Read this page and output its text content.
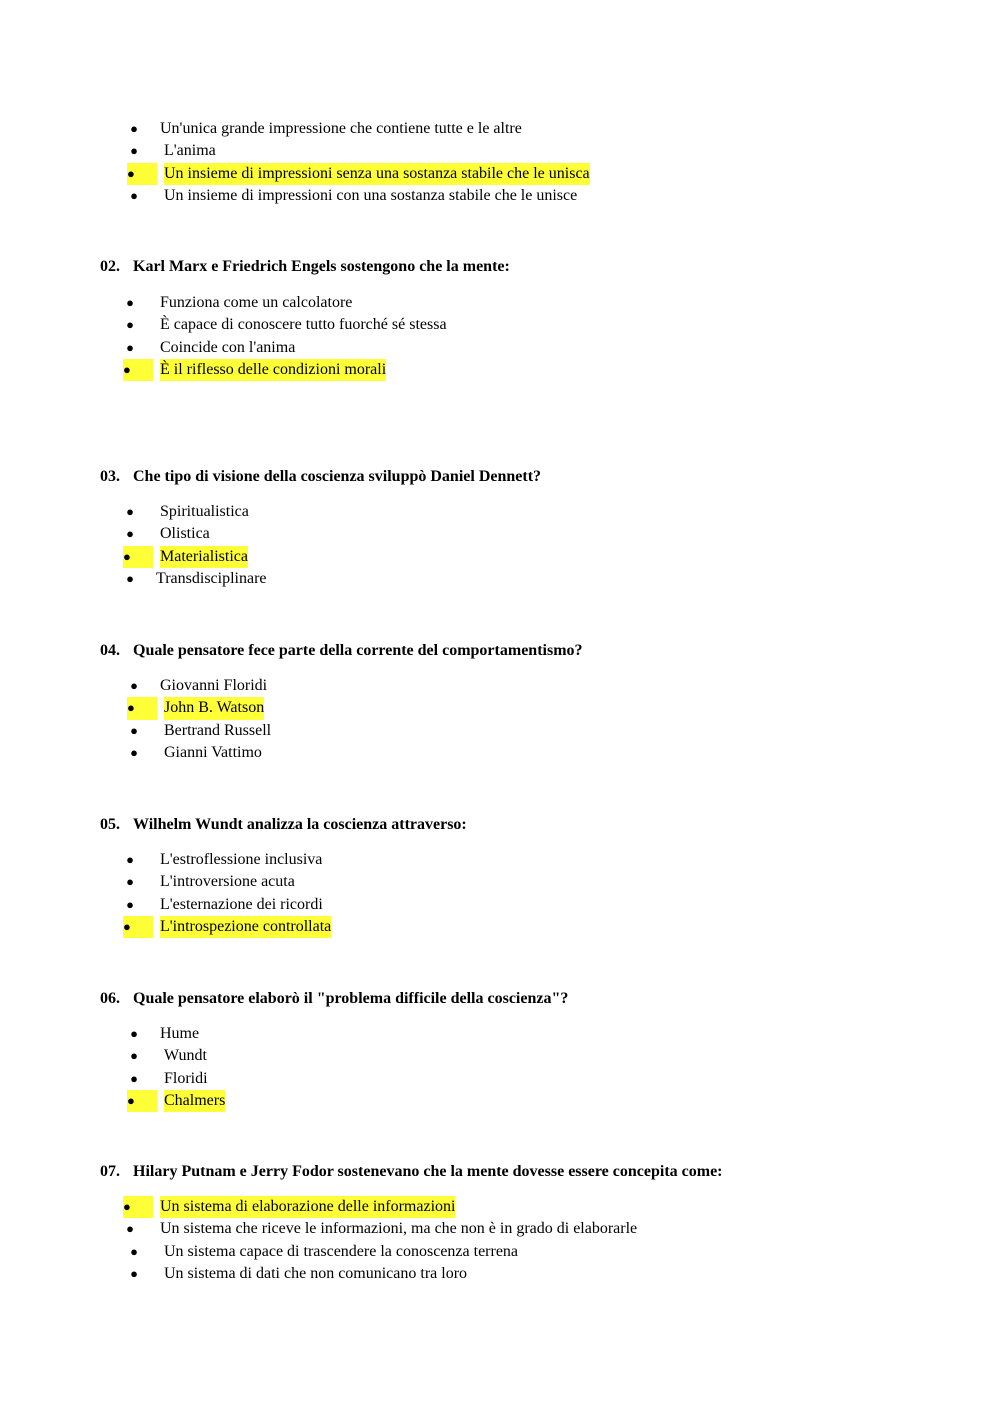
● Un'unica grande impressione che contiene tutte e le altre
● L'anima
●	Un insieme di impressioni senza una sostanza stabile che le unisca
● Un insieme di impressioni con una sostanza stabile che le unisce
02. Karl Marx e Friedrich Engels sostengono che la mente:
● Funziona come un calcolatore
● È capace di conoscere tutto fuorché sé stessa
● Coincide con l'anima
●	È il riflesso delle condizioni morali
03. Che tipo di visione della coscienza sviluppò Daniel Dennett?
● Spiritualistica
● Olistica
●	Materialistica
● Transdisciplinare
04. Quale pensatore fece parte della corrente del comportamentismo?
● Giovanni Floridi
●	John B. Watson
● Bertrand Russell
● Gianni Vattimo
05. Wilhelm Wundt analizza la coscienza attraverso:
● L'estroflessione inclusiva
● L'introversione acuta
● L'esternazione dei ricordi
●	L'introspezione controllata
06. Quale pensatore elaborò il "problema difficile della coscienza"?
● Hume
● Wundt
● Floridi
●	Chalmers
07. Hilary Putnam e Jerry Fodor sostenevano che la mente dovesse essere concepita come:
●	Un sistema di elaborazione delle informazioni
● Un sistema che riceve le informazioni, ma che non è in grado di elaborarle
● Un sistema capace di trascendere la conoscenza terrena
● Un sistema di dati che non comunicano tra loro
